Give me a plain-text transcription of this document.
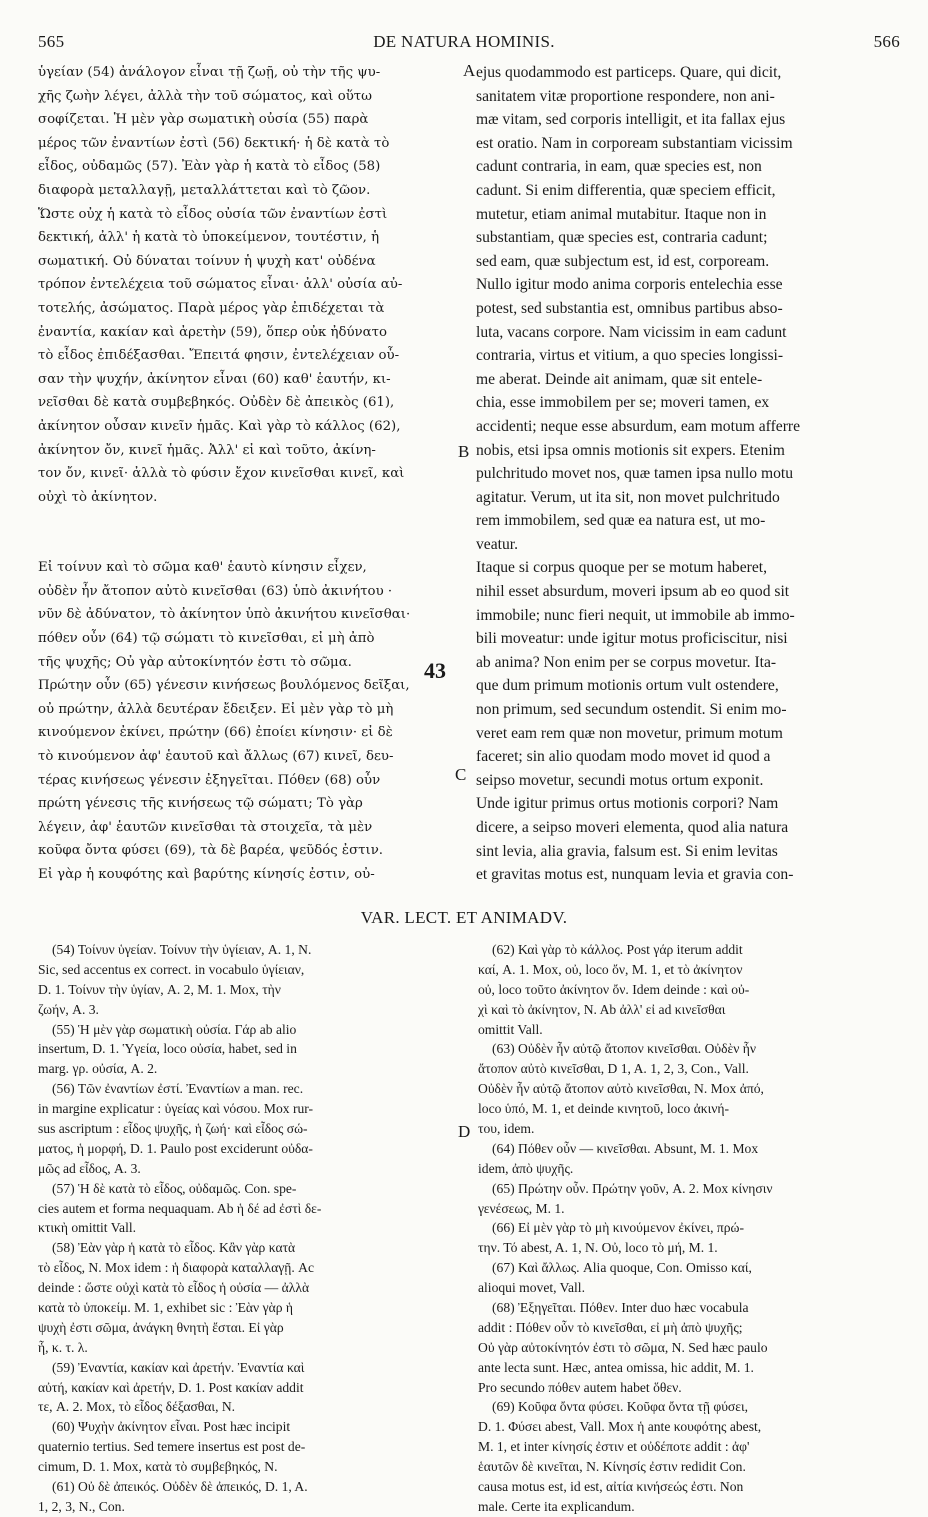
565	DE NATURA HOMINIS.	566
ὑγείαν (54) ἀνάλογον εἶναι τῇ ζωῇ, οὐ τὴν τῆς ψυ-
χῆς ζωὴν λέγει, ἀλλὰ τὴν τοῦ σώματος, καὶ οὕτω
σοφίζεται. Ἡ μὲν γὰρ σωματικὴ οὐσία (55) παρὰ
μέρος τῶν ἐναντίων ἐστὶ (56) δεκτική· ἡ δὲ κατὰ τὸ
εἶδος, οὐδαμῶς (57). Ἐὰν γὰρ ἡ κατὰ τὸ εἶδος (58)
διαφορὰ μεταλλαγῇ, μεταλλάττεται καὶ τὸ ζῶον.
Ὥστε οὐχ ἡ κατὰ τὸ εἶδος οὐσία τῶν ἐναντίων ἐστὶ
δεκτική, ἀλλ' ἡ κατὰ τὸ ὑποκείμενον, τουτέστιν, ἡ
σωματική. Οὐ δύναται τοίνυν ἡ ψυχὴ κατ' οὐδένα
τρόπον ἐντελέχεια τοῦ σώματος εἶναι· ἀλλ' οὐσία αὐ-
τοτελής, ἀσώματος. Παρὰ μέρος γὰρ ἐπιδέχεται τὰ
ἐναντία, κακίαν καὶ ἀρετὴν (59), ὅπερ οὐκ ἠδύνατο
τὸ εἶδος ἐπιδέξασθαι. Ἔπειτά φησιν, ἐντελέχειαν οὖ-
σαν τὴν ψυχήν, ἀκίνητον εἶναι (60) καθ' ἑαυτήν, κι-
νεῖσθαι δὲ κατὰ συμβεβηκός. Οὐδὲν δὲ ἀπεικὸς (61),
ἀκίνητον οὖσαν κινεῖν ἡμᾶς. Καὶ γὰρ τὸ κάλλος (62),
ἀκίνητον ὄν, κινεῖ ἡμᾶς. Ἀλλ' εἰ καὶ τοῦτο, ἀκίνη-
τον ὄν, κινεῖ· ἀλλὰ τὸ φύσιν ἔχον κινεῖσθαι κινεῖ, καὶ
οὐχὶ τὸ ἀκίνητον.
Εἰ τοίνυν καὶ τὸ σῶμα καθ' ἑαυτὸ κίνησιν εἶχεν,
οὐδὲν ἦν ἄτοπον αὐτὸ κινεῖσθαι (63) ὑπὸ ἀκινήτου ·
νῦν δὲ ἀδύνατον, τὸ ἀκίνητον ὑπὸ ἀκινήτου κινεῖσθαι·
πόθεν οὖν (64) τῷ σώματι τὸ κινεῖσθαι, εἰ μὴ ἀπὸ
τῆς ψυχῆς; Οὐ γὰρ αὐτοκίνητόν ἐστι τὸ σῶμα.
Πρώτην οὖν (65) γένεσιν κινήσεως βουλόμενος δεῖξαι,
οὐ πρώτην, ἀλλὰ δευτέραν ἔδειξεν. Εἰ μὲν γὰρ τὸ μὴ
κινούμενον ἐκίνει, πρώτην (66) ἐποίει κίνησιν· εἰ δὲ
τὸ κινούμενον ἀφ' ἑαυτοῦ καὶ ἄλλως (67) κινεῖ, δευ-
τέρας κινήσεως γένεσιν ἐξηγεῖται. Πόθεν (68) οὖν
πρώτη γένεσις τῆς κινήσεως τῷ σώματι; Τὸ γὰρ
λέγειν, ἀφ' ἑαυτῶν κινεῖσθαι τὰ στοιχεῖα, τὰ μὲν
κοῦφα ὄντα φύσει (69), τὰ δὲ βαρέα, ψεῦδός ἐστιν.
Εἰ γὰρ ἡ κουφότης καὶ βαρύτης κίνησίς ἐστιν, οὐ-
ejus quodammodo est particeps. Quare, qui dicit,
sanitatem vitæ proportione respondere, non ani-
mæ vitam, sed corporis intelligit, et ita fallax ejus
est oratio. Nam in corpoream substantiam vicissim
cadunt contraria, in eam, quæ species est, non
cadunt. Si enim differentia, quæ speciem efficit,
mutetur, etiam animal mutabitur. Itaque non in
substantiam, quæ species est, contraria cadunt;
sed eam, quæ subjectum est, id est, corpoream.
Nullo igitur modo anima corporis entelechia esse
potest, sed substantia est, omnibus partibus abso-
luta, vacans corpore. Nam vicissim in eam cadunt
contraria, virtus et vitium, a quo species longissi-
me aberat. Deinde ait animam, quæ sit entele-
chia, esse immobilem per se; moveri tamen, ex
accidenti; neque esse absurdum, eam motum afferre
nobis, etsi ipsa omnis motionis sit expers. Etenim
pulchritudo movet nos, quæ tamen ipsa nullo motu
agitatur. Verum, ut ita sit, non movet pulchritudo
rem immobilem, sed quæ ea natura est, ut mo-
veatur.
Itaque si corpus quoque per se motum haberet,
nihil esset absurdum, moveri ipsum ab eo quod sit
immobile; nunc fieri nequit, ut immobile ab immo-
bili moveatur: unde igitur motus proficiscitur, nisi
ab anima? Non enim per se corpus movetur. Ita-
que dum primum motionis ortum vult ostendere,
non primum, sed secundum ostendit. Si enim mo-
veret eam rem quæ non movetur, primum motum
faceret; sin alio quodam modo movet id quod a
seipso movetur, secundi motus ortum exponit.
Unde igitur primus ortus motionis corpori? Nam
dicere, a seipso moveri elementa, quod alia natura
sint levia, alia gravia, falsum est. Si enim levitas
et gravitas motus est, nunquam levia et gravia con-
A
B
C
D
43
VAR. LECT. ET ANIMADV.
(54) Τοίνυν ὑγείαν. Τοίνυν τὴν ὑγίειαν, A. 1, N.
Sic, sed accentus ex correct. in vocabulo ὑγίειαν,
D. 1. Τοίνυν τὴν ὑγίαν, A. 2, M. 1. Mox, τὴν
ζωήν, A. 3.
(55) Ἡ μὲν γὰρ σωματικὴ οὐσία. Γάρ ab alio
insertum, D. 1. Ὑγεία, loco οὐσία, habet, sed in
marg. γρ. οὐσία, A. 2.
(56) Τῶν ἐναντίων ἐστί. Ἐναντίων a man. rec.
in margine explicatur : ὑγείας καὶ νόσου. Mox rur-
sus ascriptum : εἶδος ψυχῆς, ἡ ζωή· καὶ εἶδος σώ-
ματος, ἡ μορφή, D. 1. Paulo post exciderunt οὐδα-
μῶς ad εἶδος, A. 3.
(57) Ἡ δὲ κατὰ τὸ εἶδος, οὐδαμῶς. Con. spe-
cies autem et forma nequaquam. Ab ἡ δέ ad ἐστὶ δε-
κτικὴ omittit Vall.
(58) Ἐὰν γὰρ ἡ κατὰ τὸ εἶδος. Κἂν γὰρ κατὰ
τὸ εἶδος, N. Mox idem : ἡ διαφορὰ καταλλαγῇ. Ac
deinde : ὥστε οὐχὶ κατὰ τὸ εἶδος ἡ οὐσία — ἀλλὰ
κατὰ τὸ ὑποκείμ. M. 1, exhibet sic : Ἐὰν γὰρ ἡ
ψυχὴ ἐστι σῶμα, ἀνάγκη θνητὴ ἔσται. Εἰ γὰρ
ἦ, κ. τ. λ.
(59) Ἐναντία, κακίαν καὶ ἀρετήν. Ἐναντία καὶ
αὐτή, κακίαν καὶ ἀρετήν, D. 1. Post κακίαν addit
τε, A. 2. Mox, τὸ εἶδος δέξασθαι, N.
(60) Ψυχὴν ἀκίνητον εἶναι. Post hæc incipit
quaternio tertius. Sed temere insertus est post de-
cimum, D. 1. Mox, κατὰ τὸ συμβεβηκός, N.
(61) Οὐ δὲ ἀπεικός. Οὐδὲν δὲ ἀπεικός, D. 1, A.
1, 2, 3, N., Con.
(62) Καὶ γὰρ τὸ κάλλος. Post γάρ iterum addit
καί, A. 1. Mox, οὐ, loco ὄν, M. 1, et τὸ ἀκίνητον
οὐ, loco τοῦτο ἀκίνητον ὄν. Idem deinde : καὶ οὐ-
χὶ καὶ τὸ ἀκίνητον, N. Ab ἀλλ' εἰ ad κινεῖσθαι
omittit Vall.
(63) Οὐδὲν ἦν αὐτῷ ἄτοπον κινεῖσθαι. Οὐδὲν ἦν
ἄτοπον αὐτὸ κινεῖσθαι, D 1, A. 1, 2, 3, Con., Vall.
Οὐδὲν ἦν αὐτῷ ἄτοπον αὐτὸ κινεῖσθαι, N. Mox ἀπό,
loco ὑπό, M. 1, et deinde κινητοῦ, loco ἀκινή-
του, idem.
(64) Πόθεν οὖν — κινεῖσθαι. Absunt, M. 1. Mox
idem, ἀπὸ ψυχῆς.
(65) Πρώτην οὖν. Πρώτην γοῦν, A. 2. Mox κίνησιν
γενέσεως, M. 1.
(66) Εἰ μὲν γὰρ τὸ μὴ κινούμενον ἐκίνει, πρώ-
την. Τό abest, A. 1, N. Οὐ, loco τὸ μή, M. 1.
(67) Καὶ ἄλλως. Alia quoque, Con. Omisso καί,
alioqui movet, Vall.
(68) Ἐξηγεῖται. Πόθεν. Inter duo hæc vocabula
addit : Πόθεν οὖν τὸ κινεῖσθαι, εἰ μὴ ἀπὸ ψυχῆς;
Οὐ γὰρ αὐτοκίνητόν ἐστι τὸ σῶμα, N. Sed hæc paulo
ante lecta sunt. Hæc, antea omissa, hic addit, M. 1.
Pro secundo πόθεν autem habet ὅθεν.
(69) Κοῦφα ὄντα φύσει. Κοῦφα ὄντα τῇ φύσει,
D. 1. Φύσει abest, Vall. Mox ἡ ante κουφότης abest,
M. 1, et inter κίνησίς ἐστιν et οὐδέποτε addit : ἀφ'
ἑαυτῶν δὲ κινεῖται, N. Κίνησίς ἐστιν redidit Con.
causa motus est, id est, αἰτία κινήσεώς ἐστι. Non
male. Certe ita explicandum.
